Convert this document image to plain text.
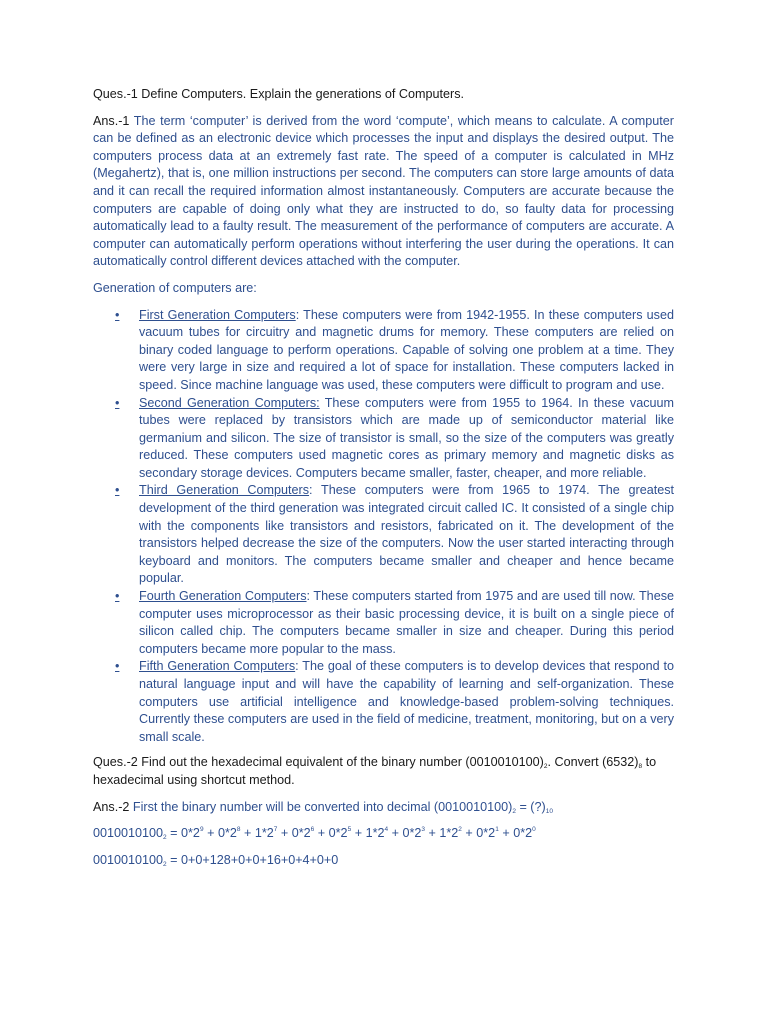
Ques.-1 Define Computers. Explain the generations of Computers.

Ans.-1 The term ‘computer’ is derived from the word ‘compute’, which means to calculate. A computer can be defined as an electronic device which processes the input and displays the desired output. The computers process data at an extremely fast rate. The speed of a computer is calculated in MHz (Megahertz), that is, one million instructions per second. The computers can store large amounts of data and it can recall the required information almost instantaneously. Computers are accurate because the computers are capable of doing only what they are instructed to do, so faulty data for processing automatically lead to a faulty result. The measurement of the performance of computers are accurate. A computer can automatically perform operations without interfering the user during the operations. It can automatically control different devices attached with the computer.

Generation of computers are:

• First Generation Computers: These computers were from 1942-1955. In these computers used vacuum tubes for circuitry and magnetic drums for memory. These computers are relied on binary coded language to perform operations. Capable of solving one problem at a time. They were very large in size and required a lot of space for installation. These computers lacked in speed. Since machine language was used, these computers were difficult to program and use.
• Second Generation Computers: These computers were from 1955 to 1964. In these vacuum tubes were replaced by transistors which are made up of semiconductor material like germanium and silicon. The size of transistor is small, so the size of the computers was greatly reduced. These computers used magnetic cores as primary memory and magnetic disks as secondary storage devices. Computers became smaller, faster, cheaper, and more reliable.
• Third Generation Computers: These computers were from 1965 to 1974. The greatest development of the third generation was integrated circuit called IC. It consisted of a single chip with the components like transistors and resistors, fabricated on it. The development of the transistors helped decrease the size of the computers. Now the user started interacting through keyboard and monitors. The computers became smaller and cheaper and hence became popular.
• Fourth Generation Computers: These computers started from 1975 and are used till now. These computer uses microprocessor as their basic processing device, it is built on a single piece of silicon called chip. The computers became smaller in size and cheaper. During this period computers became more popular to the mass.
• Fifth Generation Computers: The goal of these computers is to develop devices that respond to natural language input and will have the capability of learning and self-organization. These computers use artificial intelligence and knowledge-based problem-solving techniques. Currently these computers are used in the field of medicine, treatment, monitoring, but on a very small scale.

Ques.-2 Find out the hexadecimal equivalent of the binary number $(0010010100)_2$. Convert $(6532)_8$ to hexadecimal using shortcut method.

Ans.-2 First the binary number will be converted into decimal $(0010010100)_2$ = $(?)_{10}$

$0010010100_2 = 0*2^9 + 0*2^8 + 1*2^7 + 0*2^6 + 0*2^5 + 1*2^4 + 0*2^3 + 1*2^2 + 0*2^1 + 0*2^0$

$0010010100_2 = 0+0+128+0+0+16+0+4+0+0$
